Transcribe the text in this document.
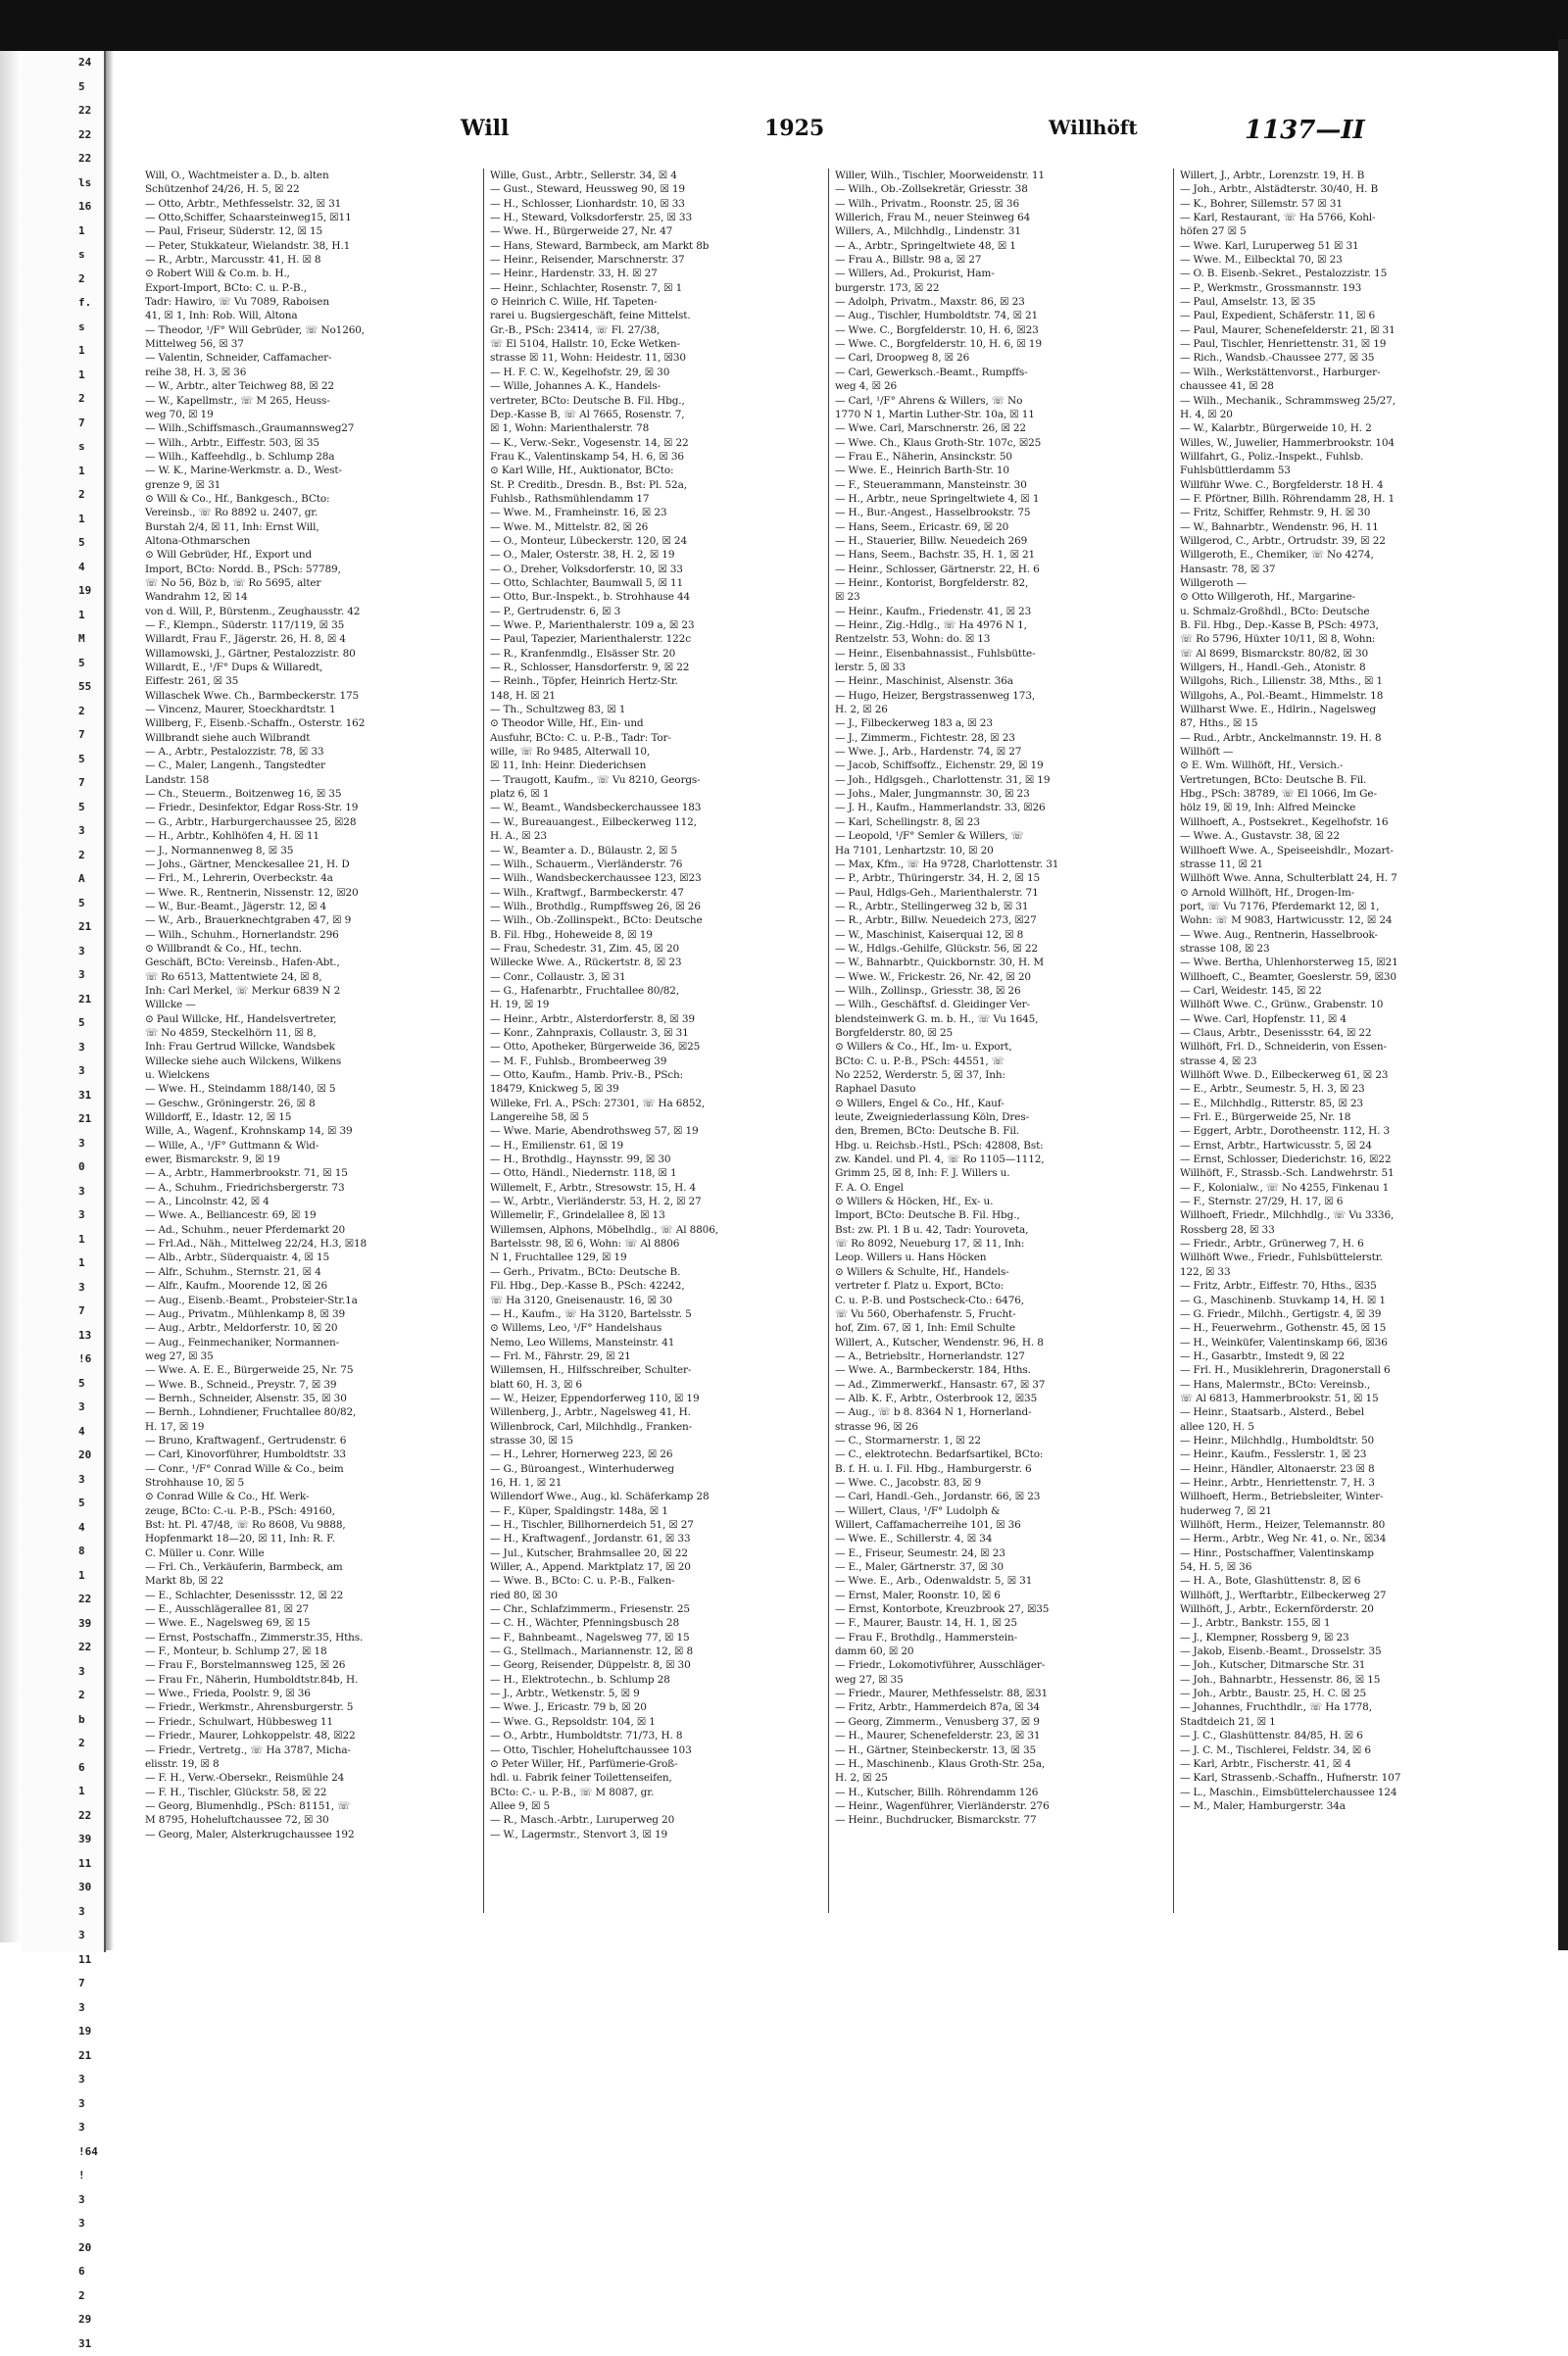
24
5
22
22
22
ls
16
1
s
2
f.
s
1
1
2
7
s
1
2
1
5
4
19
1
M
5
55
2
7
5
7
5
3
2
A
5
21
3
3
21
5
3
3
31
21
3
0
3
3
1
1
3
7
13
!6
5
3
4
20
3
5
4
8
1
22
39
22
3
2
b
2
6
1
22
39
11
30
3
3
11
7
3
19
21
3
3
3
!64
!
3
3
20
6
2
29
31
Will	1925	Willhöft	1137—II
Will, O., Wachtmeister a. D., b. alten
Schützenhof 24/26, H. 5, ☒ 22
— Otto, Arbtr., Methfesselstr. 32, ☒ 31
— Otto,Schiffer, Schaarsteinweg15, ☒11
— Paul, Friseur, Süderstr. 12, ☒ 15
— Peter, Stukkateur, Wielandstr. 38, H.1
— R., Arbtr., Marcusstr. 41, H. ☒ 8
⊙ Robert Will & Co.m. b. H.,
Export-Import, BCto: C. u. P.-B.,
Tadr: Hawiro, ☏ Vu 7089, Raboisen
41, ☒ 1, Inh: Rob. Will, Altona
— Theodor, ¹/F° Will Gebrüder, ☏ No1260,
Mittelweg 56, ☒ 37
— Valentin, Schneider, Caffamacher-
reihe 38, H. 3, ☒ 36
— W., Arbtr., alter Teichweg 88, ☒ 22
— W., Kapellmstr., ☏ M 265, Heuss-
weg 70, ☒ 19
— Wilh.,Schiffsmasch.,Graumannsweg27
— Wilh., Arbtr., Eiffestr. 503, ☒ 35
— Wilh., Kaffeehdlg., b. Schlump 28a
— W. K., Marine-Werkmstr. a. D., West-
grenze 9, ☒ 31
⊙ Will & Co., Hf., Bankgesch., BCto:
Vereinsb., ☏ Ro 8892 u. 2407, gr.
Burstah 2/4, ☒ 11, Inh: Ernst Will,
Altona-Othmarschen
⊙ Will Gebrüder, Hf., Export und
Import, BCto: Nordd. B., PSch: 57789,
☏ No 56, Böz b, ☏ Ro 5695, alter
Wandrahm 12, ☒ 14
von d. Will, P., Bürstenm., Zeughausstr. 42
— F., Klempn., Süderstr. 117/119, ☒ 35
Willardt, Frau F., Jägerstr. 26, H. 8, ☒ 4
Willamowski, J., Gärtner, Pestalozzistr. 80
Willardt, E., ¹/F° Dups & Willaredt,
Eiffestr. 261, ☒ 35
Willaschek Wwe. Ch., Barmbeckerstr. 175
— Vincenz, Maurer, Stoeckhardtstr. 1
Willberg, F., Eisenb.-Schaffn., Osterstr. 162
Willbrandt siehe auch Wilbrandt
— A., Arbtr., Pestalozzistr. 78, ☒ 33
— C., Maler, Langenh., Tangstedter
Landstr. 158
— Ch., Steuerm., Boitzenweg 16, ☒ 35
— Friedr., Desinfektor, Edgar Ross-Str. 19
— G., Arbtr., Harburgerchaussee 25, ☒28
— H., Arbtr., Kohlhöfen 4, H. ☒ 11
— J., Normannenweg 8, ☒ 35
— Johs., Gärtner, Menckesallee 21, H. D
— Frl., M., Lehrerin, Overbeckstr. 4a
— Wwe. R., Rentnerin, Nissenstr. 12, ☒20
— W., Bur.-Beamt., Jägerstr. 12, ☒ 4
— W., Arb., Brauerknechtgraben 47, ☒ 9
— Wilh., Schuhm., Hornerlandstr. 296
⊙ Willbrandt & Co., Hf., techn.
Geschäft, BCto: Vereinsb., Hafen-Abt.,
☏ Ro 6513, Mattentwiete 24, ☒ 8,
Inh: Carl Merkel, ☏ Merkur 6839 N 2
Willcke —
⊙ Paul Willcke, Hf., Handelsvertreter,
☏ No 4859, Steckelhörn 11, ☒ 8,
Inh: Frau Gertrud Willcke, Wandsbek
Willecke siehe auch Wilckens, Wilkens
u. Wielckens
— Wwe. H., Steindamm 188/140, ☒ 5
— Geschw., Gröningerstr. 26, ☒ 8
Willdorff, E., Idastr. 12, ☒ 15
Wille, A., Wagenf., Krohnskamp 14, ☒ 39
— Wille, A., ¹/F° Guttmann & Wid-
ewer, Bismarckstr. 9, ☒ 19
— A., Arbtr., Hammerbrookstr. 71, ☒ 15
— A., Schuhm., Friedrichsbergerstr. 73
— A., Lincolnstr. 42, ☒ 4
— Wwe. A., Belliancestr. 69, ☒ 19
— Ad., Schuhm., neuer Pferdemarkt 20
— Frl.Ad., Näh., Mittelweg 22/24, H.3, ☒18
— Alb., Arbtr., Süderquaistr. 4, ☒ 15
— Alfr., Schuhm., Sternstr. 21, ☒ 4
— Alfr., Kaufm., Moorende 12, ☒ 26
— Aug., Eisenb.-Beamt., Probsteier-Str.1a
— Aug., Privatm., Mühlenkamp 8, ☒ 39
— Aug., Arbtr., Meldorferstr. 10, ☒ 20
— Aug., Feinmechaniker, Normannen-
weg 27, ☒ 35
— Wwe. A. E. E., Bürgerweide 25, Nr. 75
— Wwe. B., Schneid., Preystr. 7, ☒ 39
— Bernh., Schneider, Alsenstr. 35, ☒ 30
— Bernh., Lohndiener, Fruchtallee 80/82,
H. 17, ☒ 19
— Bruno, Kraftwagenf., Gertrudenstr. 6
— Carl, Kinovorführer, Humboldtstr. 33
— Conr., ¹/F° Conrad Wille & Co., beim
Strohhause 10, ☒ 5
⊙ Conrad Wille & Co., Hf. Werk-
zeuge, BCto: C.-u. P.-B., PSch: 49160,
Bst: ht. Pl. 47/48, ☏ Ro 8608, Vu 9888,
Hopfenmarkt 18—20, ☒ 11, Inh: R. F.
C. Müller u. Conr. Wille
— Frl. Ch., Verkäuferin, Barmbeck, am
Markt 8b, ☒ 22
— E., Schlachter, Desenissstr. 12, ☒ 22
— E., Ausschlägerallee 81, ☒ 27
— Wwe. E., Nagelsweg 69, ☒ 15
— Ernst, Postschaffn., Zimmerstr.35, Hths.
— F., Monteur, b. Schlump 27, ☒ 18
— Frau F., Borstelmannsweg 125, ☒ 26
— Frau Fr., Näherin, Humboldtstr.84b, H.
— Wwe., Frieda, Poolstr. 9, ☒ 36
— Friedr., Werkmstr., Ahrensburgerstr. 5
— Friedr., Schulwart, Hübbesweg 11
— Friedr., Maurer, Lohkoppelstr. 48, ☒22
— Friedr., Vertretg., ☏ Ha 3787, Micha-
elisstr. 19, ☒ 8
— F. H., Verw.-Obersekr., Reismühle 24
— F. H., Tischler, Glückstr. 58, ☒ 22
— Georg, Blumenhdlg., PSch: 81151, ☏
M 8795, Hoheluftchaussee 72, ☒ 30
— Georg, Maler, Alsterkrugchaussee 192
Wille, Gust., Arbtr., Sellerstr. 34, ☒ 4
— Gust., Steward, Heussweg 90, ☒ 19
— H., Schlosser, Lionhardstr. 10, ☒ 33
— H., Steward, Volksdorferstr. 25, ☒ 33
— Wwe. H., Bürgerweide 27, Nr. 47
— Hans, Steward, Barmbeck, am Markt 8b
— Heinr., Reisender, Marschnerstr. 37
— Heinr., Hardenstr. 33, H. ☒ 27
— Heinr., Schlachter, Rosenstr. 7, ☒ 1
⊙ Heinrich C. Wille, Hf. Tapeten-
rarei u. Bugsiergeschäft, feine Mittelst.
Gr.-B., PSch: 23414, ☏ Fl. 27/38,
☏ El 5104, Hallstr. 10, Ecke Wetken-
strasse ☒ 11, Wohn: Heidestr. 11, ☒30
— H. F. C. W., Kegelhofstr. 29, ☒ 30
— Wille, Johannes A. K., Handels-
vertreter, BCto: Deutsche B. Fil. Hbg.,
Dep.-Kasse B, ☏ Al 7665, Rosenstr. 7,
☒ 1, Wohn: Marienthalerstr. 78
— K., Verw.-Sekr., Vogesenstr. 14, ☒ 22
Frau K., Valentinskamp 54, H. 6, ☒ 36
⊙ Karl Wille, Hf., Auktionator, BCto:
St. P. Creditb., Dresdn. B., Bst: Pl. 52a,
Fuhlsb., Rathsmühlendamm 17
— Wwe. M., Framheinstr. 16, ☒ 23
— Wwe. M., Mittelstr. 82, ☒ 26
— O., Monteur, Lübeckerstr. 120, ☒ 24
— O., Maler, Osterstr. 38, H. 2, ☒ 19
— O., Dreher, Volksdorferstr. 10, ☒ 33
— Otto, Schlachter, Baumwall 5, ☒ 11
— Otto, Bur.-Inspekt., b. Strohhause 44
— P., Gertrudenstr. 6, ☒ 3
— Wwe. P., Marienthalerstr. 109 a, ☒ 23
— Paul, Tapezier, Marienthalerstr. 122c
— R., Kranfenmdlg., Elsässer Str. 20
— R., Schlosser, Hansdorferstr. 9, ☒ 22
— Reinh., Töpfer, Heinrich Hertz-Str.
148, H. ☒ 21
— Th., Schultzweg 83, ☒ 1
⊙ Theodor Wille, Hf., Ein- und
Ausfuhr, BCto: C. u. P.-B., Tadr: Tor-
wille, ☏ Ro 9485, Alterwall 10,
☒ 11, Inh: Heinr. Diederichsen
— Traugott, Kaufm., ☏ Vu 8210, Georgs-
platz 6, ☒ 1
— W., Beamt., Wandsbeckerchaussee 183
— W., Bureauangest., Eilbeckerweg 112,
H. A., ☒ 23
— W., Beamter a. D., Bülaustr. 2, ☒ 5
— Wilh., Schauerm., Vierländerstr. 76
— Wilh., Wandsbeckerchaussee 123, ☒23
— Wilh., Kraftwgf., Barmbeckerstr. 47
— Wilh., Brothdlg., Rumpffsweg 26, ☒ 26
— Wilh., Ob.-Zollinspekt., BCto: Deutsche
B. Fil. Hbg., Hoheweide 8, ☒ 19
— Frau, Schedestr. 31, Zim. 45, ☒ 20
Willecke Wwe. A., Rückertstr. 8, ☒ 23
— Conr., Collaustr. 3, ☒ 31
— G., Hafenarbtr., Fruchtallee 80/82,
H. 19, ☒ 19
— Heinr., Arbtr., Alsterdorferstr. 8, ☒ 39
— Konr., Zahnpraxis, Collaustr. 3, ☒ 31
— Otto, Apotheker, Bürgerweide 36, ☒25
— M. F., Fuhlsb., Brombeerweg 39
— Otto, Kaufm., Hamb. Priv.-B., PSch:
18479, Knickweg 5, ☒ 39
Willeke, Frl. A., PSch: 27301, ☏ Ha 6852,
Langereihe 58, ☒ 5
— Wwe. Marie, Abendrothsweg 57, ☒ 19
— H., Emilienstr. 61, ☒ 19
— H., Brothdlg., Haynsstr. 99, ☒ 30
— Otto, Händl., Niedernstr. 118, ☒ 1
Willemelt, F., Arbtr., Stresowstr. 15, H. 4
— W., Arbtr., Vierländerstr. 53, H. 2, ☒ 27
Willemelir, F., Grindelallee 8, ☒ 13
Willemsen, Alphons, Möbelhdlg., ☏ Al 8806,
Bartelsstr. 98, ☒ 6, Wohn: ☏ Al 8806
N 1, Fruchtallee 129, ☒ 19
— Gerh., Privatm., BCto: Deutsche B.
Fil. Hbg., Dep.-Kasse B., PSch: 42242,
☏ Ha 3120, Gneisenaustr. 16, ☒ 30
— H., Kaufm., ☏ Ha 3120, Bartelsstr. 5
⊙ Willems, Leo, ¹/F° Handelshaus
Nemo, Leo Willems, Mansteinstr. 41
— Frl. M., Fährstr. 29, ☒ 21
Willemsen, H., Hilfsschreiber, Schulter-
blatt 60, H. 3, ☒ 6
— W., Heizer, Eppendorferweg 110, ☒ 19
Willenberg, J., Arbtr., Nagelsweg 41, H.
Willenbrock, Carl, Milchhdlg., Franken-
strasse 30, ☒ 15
— H., Lehrer, Hornerweg 223, ☒ 26
— G., Büroangest., Winterhuderweg
16, H. 1, ☒ 21
Willendorf Wwe., Aug., kl. Schäferkamp 28
— F., Küper, Spaldingstr. 148a, ☒ 1
— H., Tischler, Billhornerdeich 51, ☒ 27
— H., Kraftwagenf., Jordanstr. 61, ☒ 33
— Jul., Kutscher, Brahmsallee 20, ☒ 22
Willer, A., Append. Marktplatz 17, ☒ 20
— Wwe. B., BCto: C. u. P.-B., Falken-
ried 80, ☒ 30
— Chr., Schlafzimmerm., Friesenstr. 25
— C. H., Wächter, Pfenningsbusch 28
— F., Bahnbeamt., Nagelsweg 77, ☒ 15
— G., Stellmach., Mariannenstr. 12, ☒ 8
— Georg, Reisender, Düppelstr. 8, ☒ 30
— H., Elektrotechn., b. Schlump 28
— J., Arbtr., Wetkenstr. 5, ☒ 9
— Wwe. J., Ericastr. 79 b, ☒ 20
— Wwe. G., Repsoldstr. 104, ☒ 1
— O., Arbtr., Humboldtstr. 71/73, H. 8
— Otto, Tischler, Hoheluftchaussee 103
⊙ Peter Willer, Hf., Parfümerie-Groß-
hdl. u. Fabrik feiner Toilettenseifen,
BCto: C.- u. P.-B., ☏ M 8087, gr.
Allee 9, ☒ 5
— R., Masch.-Arbtr., Luruperweg 20
— W., Lagermstr., Stenvort 3, ☒ 19
Willer, Wilh., Tischler, Moorweidenstr. 11
— Wilh., Ob.-Zollsekretär, Griesstr. 38
— Wilh., Privatm., Roonstr. 25, ☒ 36
Willerich, Frau M., neuer Steinweg 64
Willers, A., Milchhdlg., Lindenstr. 31
— A., Arbtr., Springeltwiete 48, ☒ 1
— Frau A., Billstr. 98 a, ☒ 27
— Willers, Ad., Prokurist, Ham-
burgerstr. 173, ☒ 22
— Adolph, Privatm., Maxstr. 86, ☒ 23
— Aug., Tischler, Humboldtstr. 74, ☒ 21
— Wwe. C., Borgfelderstr. 10, H. 6, ☒23
— Wwe. C., Borgfelderstr. 10, H. 6, ☒ 19
— Carl, Droopweg 8, ☒ 26
— Carl, Gewerksch.-Beamt., Rumpffs-
weg 4, ☒ 26
— Carl, ¹/F° Ahrens & Willers, ☏ No
1770 N 1, Martin Luther-Str. 10a, ☒ 11
— Wwe. Carl, Marschnerstr. 26, ☒ 22
— Wwe. Ch., Klaus Groth-Str. 107c, ☒25
— Frau E., Näherin, Ansinckstr. 50
— Wwe. E., Heinrich Barth-Str. 10
— F., Steuerammann, Mansteinstr. 30
— H., Arbtr., neue Springeltwiete 4, ☒ 1
— H., Bur.-Angest., Hasselbrookstr. 75
— Hans, Seem., Ericastr. 69, ☒ 20
— H., Stauerier, Billw. Neuedeich 269
— Hans, Seem., Bachstr. 35, H. 1, ☒ 21
— Heinr., Schlosser, Gärtnerstr. 22, H. 6
— Heinr., Kontorist, Borgfelderstr. 82,
☒ 23
— Heinr., Kaufm., Friedenstr. 41, ☒ 23
— Heinr., Zig.-Hdlg., ☏ Ha 4976 N 1,
Rentzelstr. 53, Wohn: do. ☒ 13
— Heinr., Eisenbahnassist., Fuhlsbütte-
lerstr. 5, ☒ 33
— Heinr., Maschinist, Alsenstr. 36a
— Hugo, Heizer, Bergstrassenweg 173,
H. 2, ☒ 26
— J., Filbeckerweg 183 a, ☒ 23
— J., Zimmerm., Fichtestr. 28, ☒ 23
— Wwe. J., Arb., Hardenstr. 74, ☒ 27
— Jacob, Schiffsoffz., Eichenstr. 29, ☒ 19
— Joh., Hdlgsgeh., Charlottenstr. 31, ☒ 19
— Johs., Maler, Jungmannstr. 30, ☒ 23
— J. H., Kaufm., Hammerlandstr. 33, ☒26
— Karl, Schellingstr. 8, ☒ 23
— Leopold, ¹/F° Semler & Willers, ☏
Ha 7101, Lenhartzstr. 10, ☒ 20
— Max, Kfm., ☏ Ha 9728, Charlottenstr. 31
— P., Arbtr., Thüringerstr. 34, H. 2, ☒ 15
— Paul, Hdlgs-Geh., Marienthalerstr. 71
— R., Arbtr., Stellingerweg 32 b, ☒ 31
— R., Arbtr., Billw. Neuedeich 273, ☒27
— W., Maschinist, Kaiserquai 12, ☒ 8
— W., Hdlgs.-Gehilfe, Glückstr. 56, ☒ 22
— W., Bahnarbtr., Quickbornstr. 30, H. M
— Wwe. W., Frickestr. 26, Nr. 42, ☒ 20
— Wilh., Zollinsp., Griesstr. 38, ☒ 26
— Wilh., Geschäftsf. d. Gleidinger Ver-
blendsteinwerk G. m. b. H., ☏ Vu 1645,
Borgfelderstr. 80, ☒ 25
⊙ Willers & Co., Hf., Im- u. Export,
BCto: C. u. P.-B., PSch: 44551, ☏
No 2252, Werderstr. 5, ☒ 37, Inh:
Raphael Dasuto
⊙ Willers, Engel & Co., Hf., Kauf-
leute, Zweigniederlassung Köln, Dres-
den, Bremen, BCto: Deutsche B. Fil.
Hbg. u. Reichsb.-Hstl., PSch: 42808, Bst:
zw. Kandel. und Pl. 4, ☏ Ro 1105—1112,
Grimm 25, ☒ 8, Inh: F. J. Willers u.
F. A. O. Engel
⊙ Willers & Höcken, Hf., Ex- u.
Import, BCto: Deutsche B. Fil. Hbg.,
Bst: zw. Pl. 1 B u. 42, Tadr: Youroveta,
☏ Ro 8092, Neueburg 17, ☒ 11, Inh:
Leop. Willers u. Hans Höcken
⊙ Willers & Schulte, Hf., Handels-
vertreter f. Platz u. Export, BCto:
C. u. P.-B. und Postscheck-Cto.: 6476,
☏ Vu 560, Oberhafenstr. 5, Frucht-
hof, Zim. 67, ☒ 1, Inh: Emil Schulte
Willert, A., Kutscher, Wendenstr. 96, H. 8
— A., Betriebsltr., Hornerlandstr. 127
— Wwe. A., Barmbeckerstr. 184, Hths.
— Ad., Zimmerwerkf., Hansastr. 67, ☒ 37
— Alb. K. F., Arbtr., Osterbrook 12, ☒35
— Aug., ☏ b 8. 8364 N 1, Hornerland-
strasse 96, ☒ 26
— C., Stormarnerstr. 1, ☒ 22
— C., elektrotechn. Bedarfsartikel, BCto:
B. f. H. u. I. Fil. Hbg., Hamburgerstr. 6
— Wwe. C., Jacobstr. 83, ☒ 9
— Carl, Handl.-Geh., Jordanstr. 66, ☒ 23
— Willert, Claus, ¹/F° Ludolph &
Willert, Caffamacherreihe 101, ☒ 36
— Wwe. E., Schillerstr. 4, ☒ 34
— E., Friseur, Seumestr. 24, ☒ 23
— E., Maler, Gärtnerstr. 37, ☒ 30
— Wwe. E., Arb., Odenwaldstr. 5, ☒ 31
— Ernst, Maler, Roonstr. 10, ☒ 6
— Ernst, Kontorbote, Kreuzbrook 27, ☒35
— F., Maurer, Baustr. 14, H. 1, ☒ 25
— Frau F., Brothdlg., Hammerstein-
damm 60, ☒ 20
— Friedr., Lokomotivführer, Ausschläger-
weg 27, ☒ 35
— Friedr., Maurer, Methfesselstr. 88, ☒31
— Fritz, Arbtr., Hammerdeich 87a, ☒ 34
— Georg, Zimmerm., Venusberg 37, ☒ 9
— H., Maurer, Schenefelderstr. 23, ☒ 31
— H., Gärtner, Steinbeckerstr. 13, ☒ 35
— H., Maschinenb., Klaus Groth-Str. 25a,
H. 2, ☒ 25
— H., Kutscher, Billh. Röhrendamm 126
— Heinr., Wagenführer, Vierländerstr. 276
— Heinr., Buchdrucker, Bismarckstr. 77
Willert, J., Arbtr., Lorenzstr. 19, H. B
— Joh., Arbtr., Alstädterstr. 30/40, H. B
— K., Bohrer, Sillemstr. 57 ☒ 31
— Karl, Restaurant, ☏ Ha 5766, Kohl-
höfen 27 ☒ 5
— Wwe. Karl, Luruperweg 51 ☒ 31
— Wwe. M., Eilbecktal 70, ☒ 23
— O. B. Eisenb.-Sekret., Pestalozzistr. 15
— P., Werkmstr., Grossmannstr. 193
— Paul, Amselstr. 13, ☒ 35
— Paul, Expedient, Schäferstr. 11, ☒ 6
— Paul, Maurer, Schenefelderstr. 21, ☒ 31
— Paul, Tischler, Henriettenstr. 31, ☒ 19
— Rich., Wandsb.-Chaussee 277, ☒ 35
— Wilh., Werkstättenvorst., Harburger-
chaussee 41, ☒ 28
— Wilh., Mechanik., Schrammsweg 25/27,
H. 4, ☒ 20
— W., Kalarbtr., Bürgerweide 10, H. 2
Willes, W., Juwelier, Hammerbrookstr. 104
Willfahrt, G., Poliz.-Inspekt., Fuhlsb.
Fuhlsbüttlerdamm 53
Willführ Wwe. C., Borgfelderstr. 18 H. 4
— F. Pförtner, Billh. Röhrendamm 28, H. 1
— Fritz, Schiffer, Rehmstr. 9, H. ☒ 30
— W., Bahnarbtr., Wendenstr. 96, H. 11
Willgerod, C., Arbtr., Ortrudstr. 39, ☒ 22
Willgeroth, E., Chemiker, ☏ No 4274,
Hansastr. 78, ☒ 37
Willgeroth —
⊙ Otto Willgeroth, Hf., Margarine-
u. Schmalz-Großhdl., BCto: Deutsche
B. Fil. Hbg., Dep.-Kasse B, PSch: 4973,
☏ Ro 5796, Hüxter 10/11, ☒ 8, Wohn:
☏ Al 8699, Bismarckstr. 80/82, ☒ 30
Willgers, H., Handl.-Geh., Atonistr. 8
Willgohs, Rich., Lilienstr. 38, Mths., ☒ 1
Willgohs, A., Pol.-Beamt., Himmelstr. 18
Willharst Wwe. E., Hdlrin., Nagelsweg
87, Hths., ☒ 15
— Rud., Arbtr., Anckelmannstr. 19. H. 8
Willhöft —
⊙ E. Wm. Willhöft, Hf., Versich.-
Vertretungen, BCto: Deutsche B. Fil.
Hbg., PSch: 38789, ☏ El 1066, Im Ge-
hölz 19, ☒ 19, Inh: Alfred Meincke
Willhoeft, A., Postsekret., Kegelhofstr. 16
— Wwe. A., Gustavstr. 38, ☒ 22
Willhoeft Wwe. A., Speiseeishdlr., Mozart-
strasse 11, ☒ 21
Willhöft Wwe. Anna, Schulterblatt 24, H. 7
⊙ Arnold Willhöft, Hf., Drogen-Im-
port, ☏ Vu 7176, Pferdemarkt 12, ☒ 1,
Wohn: ☏ M 9083, Hartwicusstr. 12, ☒ 24
— Wwe. Aug., Rentnerin, Hasselbrook-
strasse 108, ☒ 23
— Wwe. Bertha, Uhlenhorsterweg 15, ☒21
Willhoeft, C., Beamter, Goeslerstr. 59, ☒30
— Carl, Weidestr. 145, ☒ 22
Willhöft Wwe. C., Grünw., Grabenstr. 10
— Wwe. Carl, Hopfenstr. 11, ☒ 4
— Claus, Arbtr., Desenissstr. 64, ☒ 22
Willhöft, Frl. D., Schneiderin, von Essen-
strasse 4, ☒ 23
Willhöft Wwe. D., Eilbeckerweg 61, ☒ 23
— E., Arbtr., Seumestr. 5, H. 3, ☒ 23
— E., Milchhdlg., Ritterstr. 85, ☒ 23
— Frl. E., Bürgerweide 25, Nr. 18
— Eggert, Arbtr., Dorotheenstr. 112, H. 3
— Ernst, Arbtr., Hartwicusstr. 5, ☒ 24
— Ernst, Schlosser, Diederichstr. 16, ☒22
Willhöft, F., Strassb.-Sch. Landwehrstr. 51
— F., Kolonialw., ☏ No 4255, Finkenau 1
— F., Sternstr. 27/29, H. 17, ☒ 6
Willhoeft, Friedr., Milchhdlg., ☏ Vu 3336,
Rossberg 28, ☒ 33
— Friedr., Arbtr., Grünerweg 7, H. 6
Willhöft Wwe., Friedr., Fuhlsbüttelerstr.
122, ☒ 33
— Fritz, Arbtr., Eiffestr. 70, Hths., ☒35
— G., Maschinenb. Stuvkamp 14, H. ☒ 1
— G. Friedr., Milchh., Gertigstr. 4, ☒ 39
— H., Feuerwehrm., Gothenstr. 45, ☒ 15
— H., Weinküfer, Valentinskamp 66, ☒36
— H., Gasarbtr., Imstedt 9, ☒ 22
— Frl. H., Musiklehrerin, Dragonerstall 6
— Hans, Malermstr., BCto: Vereinsb.,
☏ Al 6813, Hammerbrookstr. 51, ☒ 15
— Heinr., Staatsarb., Alsterd., Bebel
allee 120, H. 5
— Heinr., Milchhdlg., Humboldtstr. 50
— Heinr., Kaufm., Fesslerstr. 1, ☒ 23
— Heinr., Händler, Altonaerstr. 23 ☒ 8
— Heinr., Arbtr., Henriettenstr. 7, H. 3
Willhoeft, Herm., Betriebsleiter, Winter-
huderweg 7, ☒ 21
Willhöft, Herm., Heizer, Telemannstr. 80
— Herm., Arbtr., Weg Nr. 41, o. Nr., ☒34
— Hinr., Postschaffner, Valentinskamp
54, H. 5, ☒ 36
— H. A., Bote, Glashüttenstr. 8, ☒ 6
Willhöft, J., Werftarbtr., Eilbeckerweg 27
Willhöft, J., Arbtr., Eckernförderstr. 20
— J., Arbtr., Bankstr. 155, ☒ 1
— J., Klempner, Rossberg 9, ☒ 23
— Jakob, Eisenb.-Beamt., Drosselstr. 35
— Joh., Kutscher, Ditmarsche Str. 31
— Joh., Bahnarbtr., Hessenstr. 86, ☒ 15
— Joh., Arbtr., Baustr. 25, H. C. ☒ 25
— Johannes, Fruchthdlr., ☏ Ha 1778,
Stadtdeich 21, ☒ 1
— J. C., Glashüttenstr. 84/85, H. ☒ 6
— J. C. M., Tischlerei, Feldstr. 34, ☒ 6
— Karl, Arbtr., Fischerstr. 41, ☒ 4
— Karl, Strassenb.-Schaffn., Hufnerstr. 107
— L., Maschin., Eimsbüttelerchaussee 124
— M., Maler, Hamburgerstr. 34a
